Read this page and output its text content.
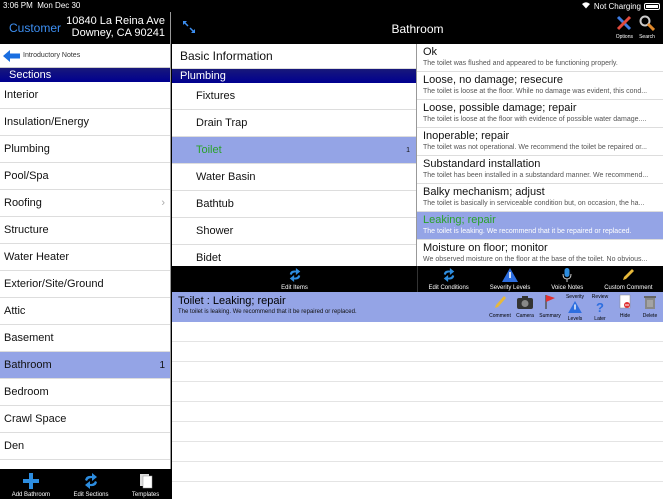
3:06 PM Mon Dec 30	Not Charging
Customer 10840 La Reina Ave
Downey, CA 90241
Introductory Notes
Sections
Interior
Insulation/Energy
Plumbing
Pool/Spa
Roofing	›
Structure
Water Heater
Exterior/Site/Ground
Attic
Basement
Bathroom	1
Bedroom
Crawl Space
Den
Add Bathroom	Edit Sections	Templates
Bathroom
Options Search
Basic Information
Plumbing
Fixtures
Drain Trap
Toilet	1
Water Basin
Bathtub
Shower
Bidet
Ok
The toilet was flushed and appeared to be functioning properly.
Loose, no damage; resecure
The toilet is loose at the floor. While no damage was evident, this cond...
Loose, possible damage; repair
The toilet is loose at the floor with evidence of possible water damage....
Inoperable; repair
The toilet was not operational. We recommend the toilet be repaired or...
Substandard installation
The toilet has been installed in a substandard manner. We recommend...
Balky mechanism; adjust
The toilet is basically in serviceable condition but, on occasion, the ha...
Leaking; repair
The toilet is leaking. We recommend that it be repaired or replaced.
Moisture on floor; monitor
We observed moisture on the floor at the base of the toilet. No obvious...
Edit Items	Edit Conditions	Severity Levels	Voice Notes	Custom Comment
Toilet : Leaking; repair
The toilet is leaking. We recommend that it be repaired or replaced.
Comment Camera Summary
Severity
Levels
Review
?
Later	Hide	Delete
